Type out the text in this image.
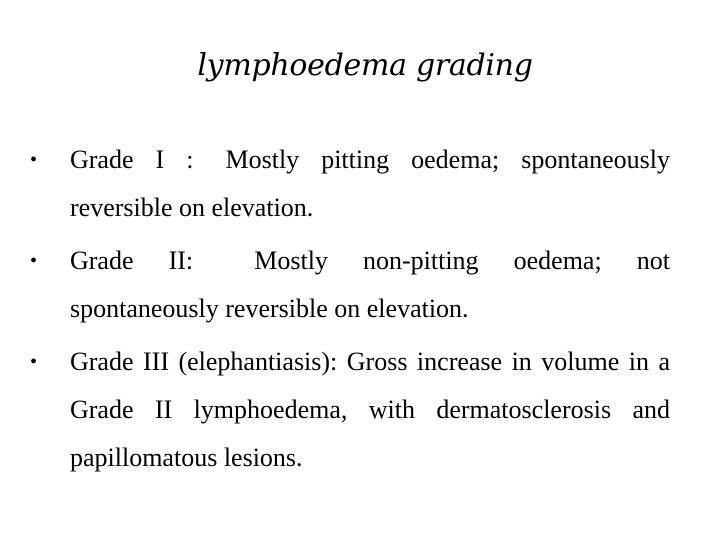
lymphoedema grading
• Grade I : Mostly pitting oedema; spontaneously reversible on elevation.
• Grade II: Mostly non-pitting oedema; not spontaneously reversible on elevation.
• Grade III (elephantiasis): Gross increase in volume in a Grade II lymphoedema, with dermatosclerosis and papillomatous lesions.
